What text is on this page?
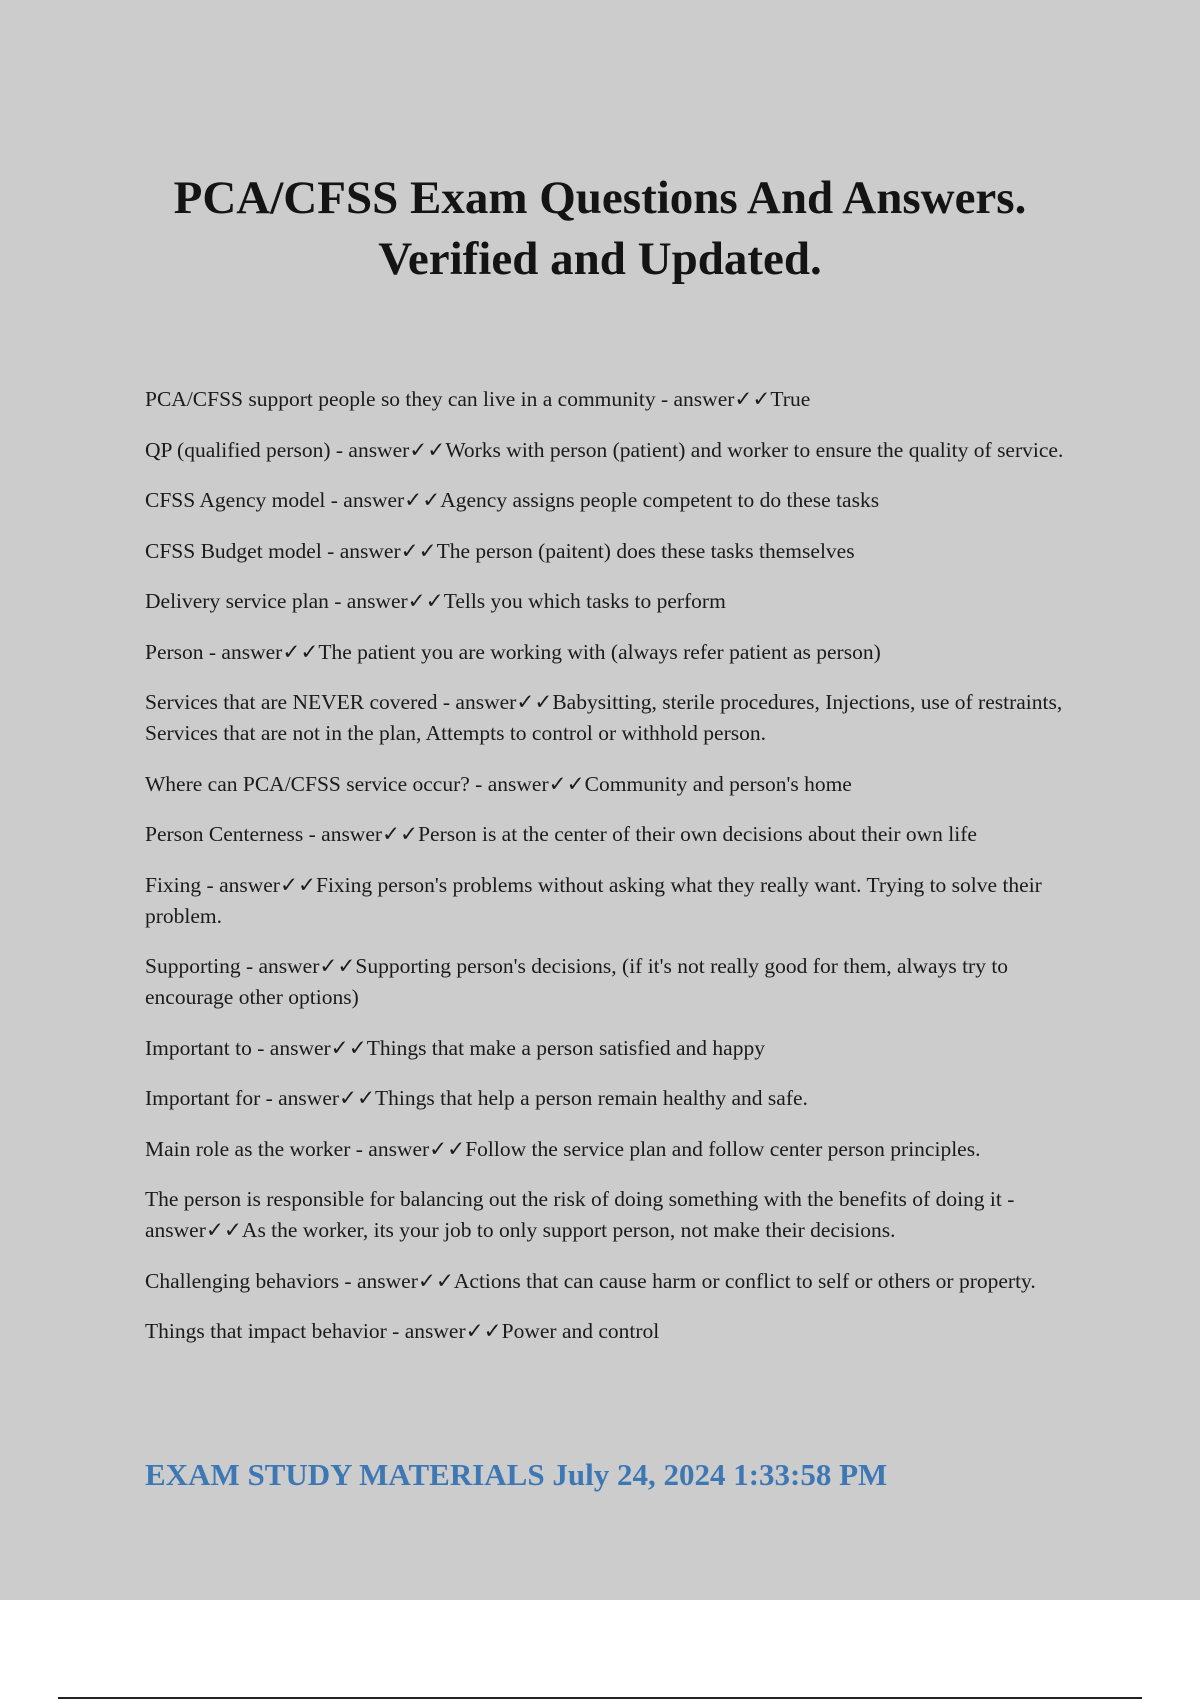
PCA/CFSS Exam Questions And Answers.
Verified and Updated.
PCA/CFSS support people so they can live in a community - answer✓✓True
QP (qualified person) - answer✓✓Works with person (patient) and worker to ensure the quality of service.
CFSS Agency model - answer✓✓Agency assigns people competent to do these tasks
CFSS Budget model - answer✓✓The person (paitent) does these tasks themselves
Delivery service plan - answer✓✓Tells you which tasks to perform
Person - answer✓✓The patient you are working with (always refer patient as person)
Services that are NEVER covered - answer✓✓Babysitting, sterile procedures, Injections, use of restraints, Services that are not in the plan, Attempts to control or withhold person.
Where can PCA/CFSS service occur? - answer✓✓Community and person's home
Person Centerness - answer✓✓Person is at the center of their own decisions about their own life
Fixing - answer✓✓Fixing person's problems without asking what they really want. Trying to solve their problem.
Supporting - answer✓✓Supporting person's decisions, (if it's not really good for them, always try to encourage other options)
Important to - answer✓✓Things that make a person satisfied and happy
Important for - answer✓✓Things that help a person remain healthy and safe.
Main role as the worker - answer✓✓Follow the service plan and follow center person principles.
The person is responsible for balancing out the risk of doing something with the benefits of doing it - answer✓✓As the worker, its your job to only support person, not make their decisions.
Challenging behaviors - answer✓✓Actions that can cause harm or conflict to self or others or property.
Things that impact behavior - answer✓✓Power and control

EXAM STUDY MATERIALS July 24, 2024 1:33:58 PM
